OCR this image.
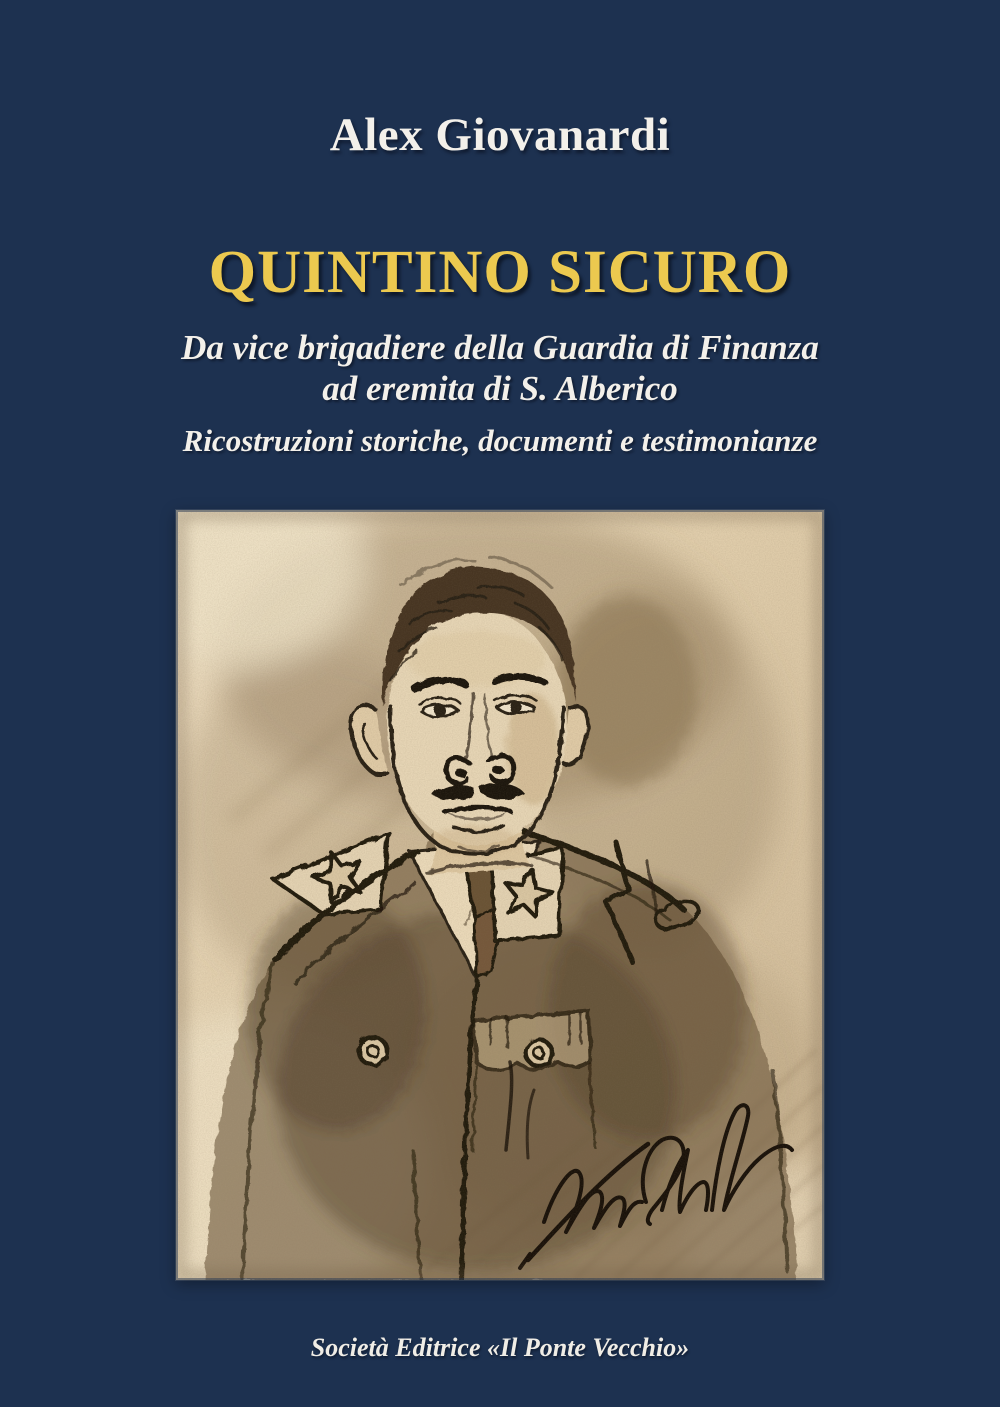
Alex Giovanardi
QUINTINO SICURO
Da vice brigadiere della Guardia di Finanza
ad eremita di S. Alberico
Ricostruzioni storiche, documenti e testimonianze
Società Editrice «Il Ponte Vecchio»
